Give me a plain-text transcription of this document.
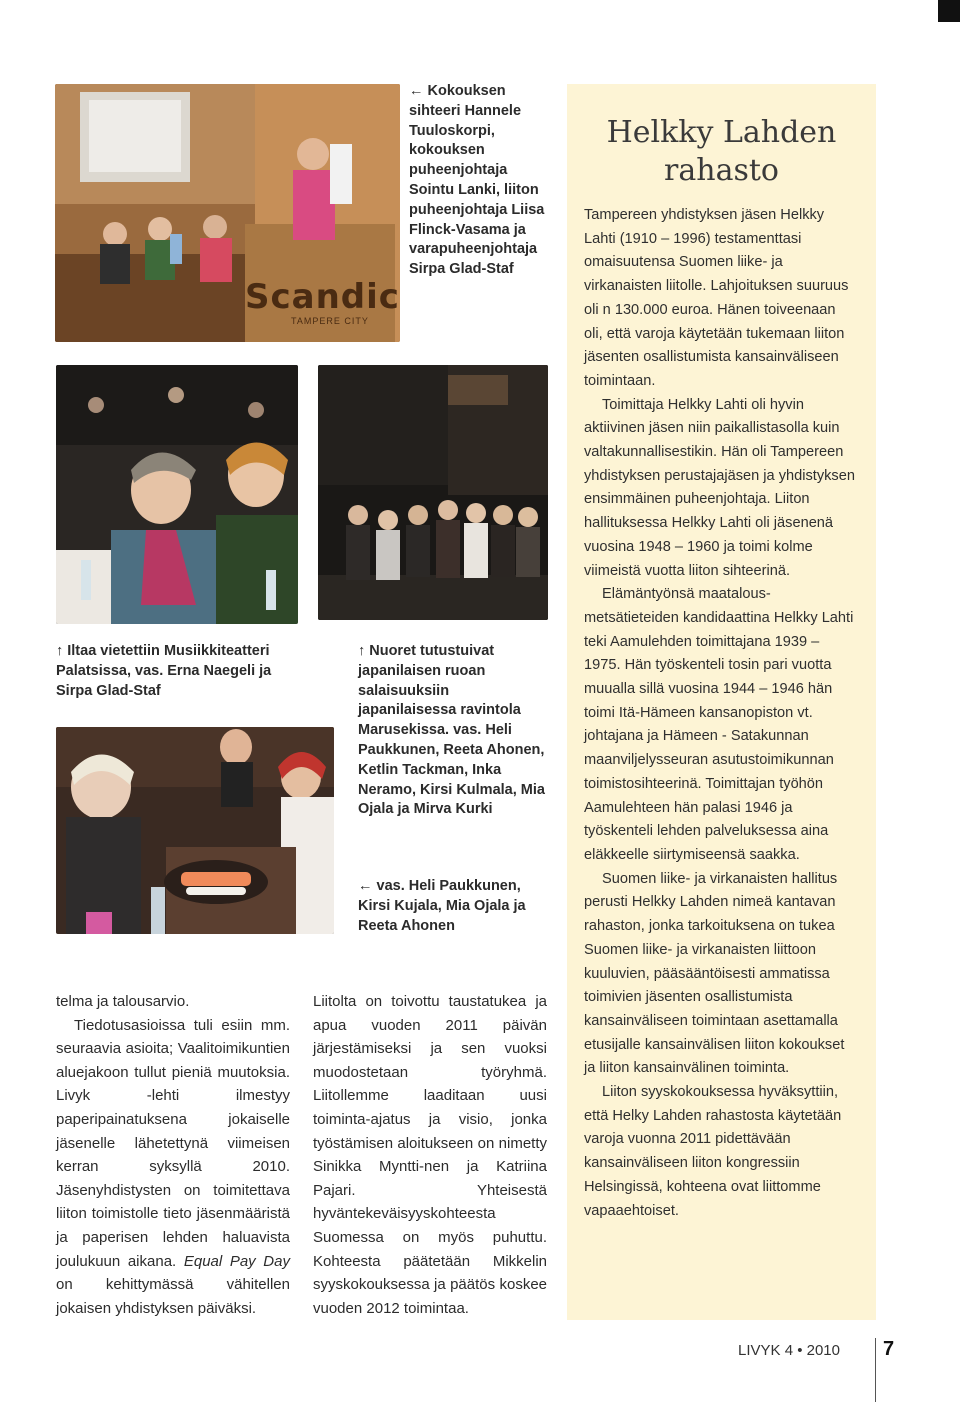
Scandic
TAMPERE CITY

← Kokouksen sihteeri Hannele Tuuloskorpi, kokouksen puheenjohtaja Sointu Lanki, liiton puheenjohtaja Liisa Flinck-Vasama ja varapuheenjohtaja Sirpa Glad-Staf

↑ Iltaa vietettiin Musiikkiteatteri Palatsissa, vas. Erna Naegeli ja Sirpa Glad-Staf

↑ Nuoret tutustuivat japanilaisen ruoan salaisuuksiin japanilaisessa ravintola Marusekissa. vas. Heli Paukkunen, Reeta Ahonen, Ketlin Tackman, Inka Neramo, Kirsi Kulmala, Mia Ojala ja Mirva Kurki

← vas. Heli Paukkunen, Kirsi Kujala, Mia Ojala ja Reeta Ahonen

telma ja talousarvio.

Tiedotusasioissa tuli esiin mm. seuraavia asioita; Vaalitoimikuntien aluejakoon tullut pieniä muutoksia. Livyk -lehti ilmestyy paperipainatuksena jokaiselle jäsenelle lähetettynä viimeisen kerran syksyllä 2010. Jäsenyhdistysten on toimitettava liiton toimistolle tieto jäsenmääristä ja paperisen lehden haluavista joulukuun aikana. Equal Pay Day on kehittymässä vähitellen jokaisen yhdistyksen päiväksi.

Liitolta on toivottu taustatukea ja apua vuoden 2011 päivän järjestämiseksi ja sen vuoksi muodostetaan työryhmä. Liitollemme laaditaan uusi toiminta-ajatus ja visio, jonka työstämisen aloitukseen on nimetty Sinikka Myntti-nen ja Katriina Pajari. Yhteisestä hyväntekeväisyyskohteesta Suomessa on myös puhuttu. Kohteesta päätetään Mikkelin syyskokouksessa ja päätös koskee vuoden 2012 toimintaa.

Helkky Lahden
rahasto

Tampereen yhdistyksen jäsen Helkky Lahti (1910 – 1996) testamenttasi omaisuutensa Suomen liike- ja virkanaisten liitolle. Lahjoituksen suuruus oli n 130.000 euroa. Hänen toiveenaan oli, että varoja käytetään tukemaan liiton jäsenten osallistumista kansainväliseen toimintaan.

Toimittaja Helkky Lahti oli hyvin aktiivinen jäsen niin paikallistasolla kuin valtakunnallisestikin. Hän oli Tampereen yhdistyksen perustajajäsen ja yhdistyksen ensimmäinen puheenjohtaja. Liiton hallituksessa Helkky Lahti oli jäsenenä vuosina 1948 – 1960 ja toimi kolme viimeistä vuotta liiton sihteerinä.

Elämäntyönsä maatalous-metsätieteiden kandidaattina Helkky Lahti teki Aamulehden toimittajana 1939 – 1975. Hän työskenteli tosin pari vuotta muualla sillä vuosina 1944 – 1946 hän toimi Itä-Hämeen kansanopiston vt. johtajana ja Hämeen - Satakunnan maanviljelysseuran asutustoimikunnan toimistosihteerinä. Toimittajan työhön Aamulehteen hän palasi 1946 ja työskenteli lehden palveluksessa aina eläkkeelle siirtymiseensä saakka.

Suomen liike- ja virkanaisten hallitus perusti Helkky Lahden nimeä kantavan rahaston, jonka tarkoituksena on tukea Suomen liike- ja virkanaisten liittoon kuuluvien, pääsääntöisesti ammatissa toimivien jäsenten osallistumista kansainväliseen toimintaan asettamalla etusijalle kansainvälisen liiton kokoukset ja liiton kansainvälinen toiminta.

Liiton syyskokouksessa hyväksyttiin, että Helky Lahden rahastosta käytetään varoja vuonna 2011 pidettävään kansainväliseen liiton kongressiin Helsingissä, kohteena ovat liittomme vapaaehtoiset.

LIVYK 4 • 2010 7
